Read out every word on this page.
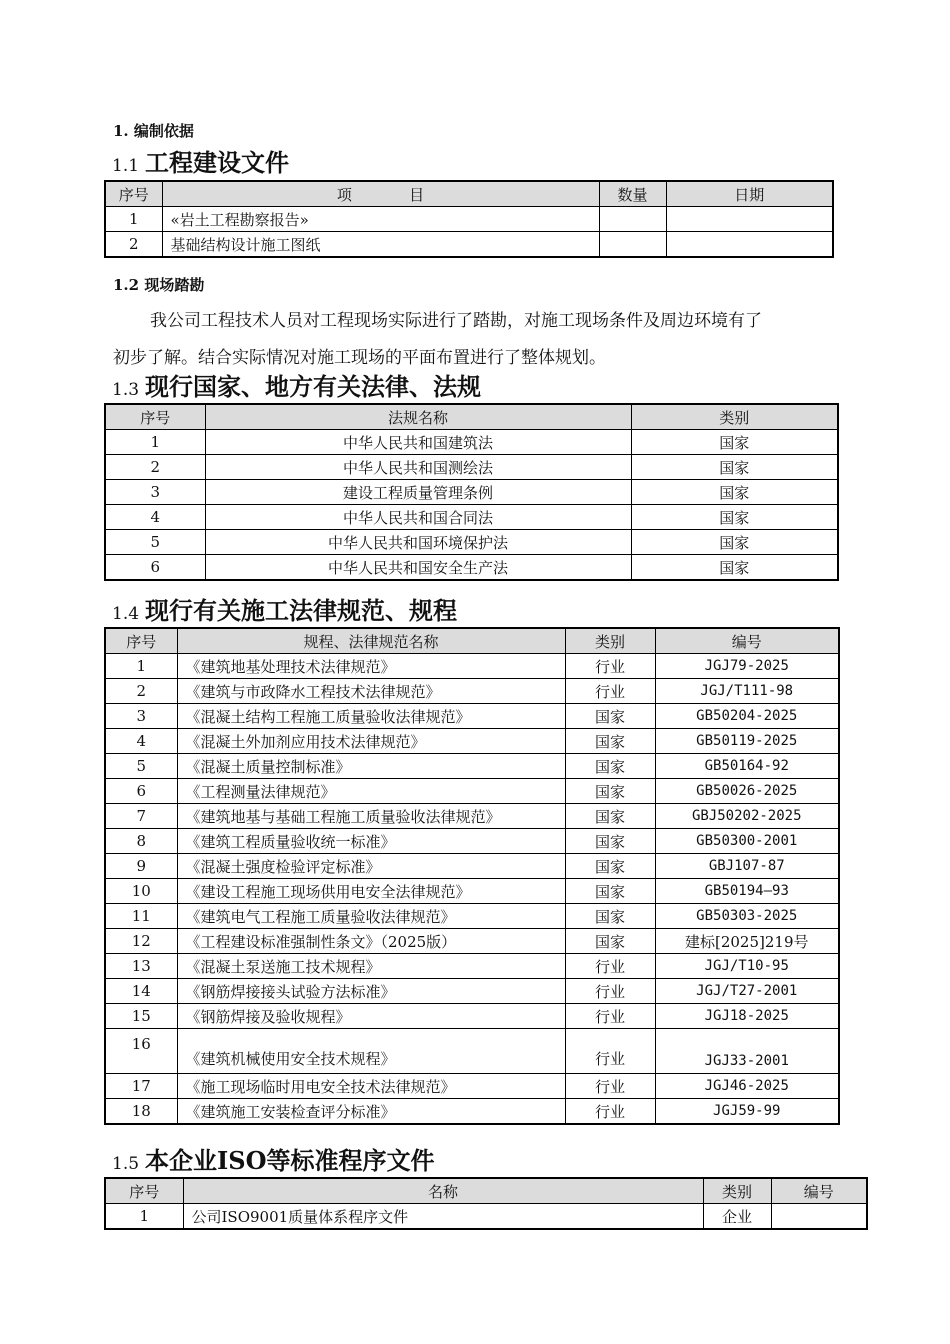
1. 编制依据
1.1 工程建设文件
序号	项            目	数量	日期
1	«岩土工程勘察报告»		
2	基础结构设计施工图纸		
1.2 现场踏勘

我公司工程技术人员对工程现场实际进行了踏勘，对施工现场条件及周边环境有了

初步了解。结合实际情况对施工现场的平面布置进行了整体规划。

1.3 现行国家、地方有关法律、法规
序号	法规名称	类别
1	中华人民共和国建筑法	国家
2	中华人民共和国测绘法	国家
3	建设工程质量管理条例	国家
4	中华人民共和国合同法	国家
5	中华人民共和国环境保护法	国家
6	中华人民共和国安全生产法	国家
1.4 现行有关施工法律规范、规程
序号	规程、法律规范名称	类别	编号
1	《建筑地基处理技术法律规范》	行业	JGJ79-2025
2	《建筑与市政降水工程技术法律规范》	行业	JGJ/T111-98
3	《混凝土结构工程施工质量验收法律规范》	国家	GB50204-2025
4	《混凝土外加剂应用技术法律规范》	国家	GB50119-2025
5	《混凝土质量控制标准》	国家	GB50164-92
6	《工程测量法律规范》	国家	GB50026-2025
7	《建筑地基与基础工程施工质量验收法律规范》	国家	GBJ50202-2025
8	《建筑工程质量验收统一标准》	国家	GB50300-2001
9	《混凝土强度检验评定标准》	国家	GBJ107-87
10	《建设工程施工现场供用电安全法律规范》	国家	GB50194—93
11	《建筑电气工程施工质量验收法律规范》	国家	GB50303-2025
12	《工程建设标准强制性条文》（2025版）	国家	建标[2025]219号
13	《混凝土泵送施工技术规程》	行业	JGJ/T10-95
14	《钢筋焊接接头试验方法标准》	行业	JGJ/T27-2001
15	《钢筋焊接及验收规程》	行业	JGJ18-2025
16	《建筑机械使用安全技术规程》	行业	JGJ33-2001
17	《施工现场临时用电安全技术法律规范》	行业	JGJ46-2025
18	《建筑施工安装检查评分标准》	行业	JGJ59-99
1.5 本企业ISO等标准程序文件
序号	名称	类别	编号
1	公司ISO9001质量体系程序文件	企业	
